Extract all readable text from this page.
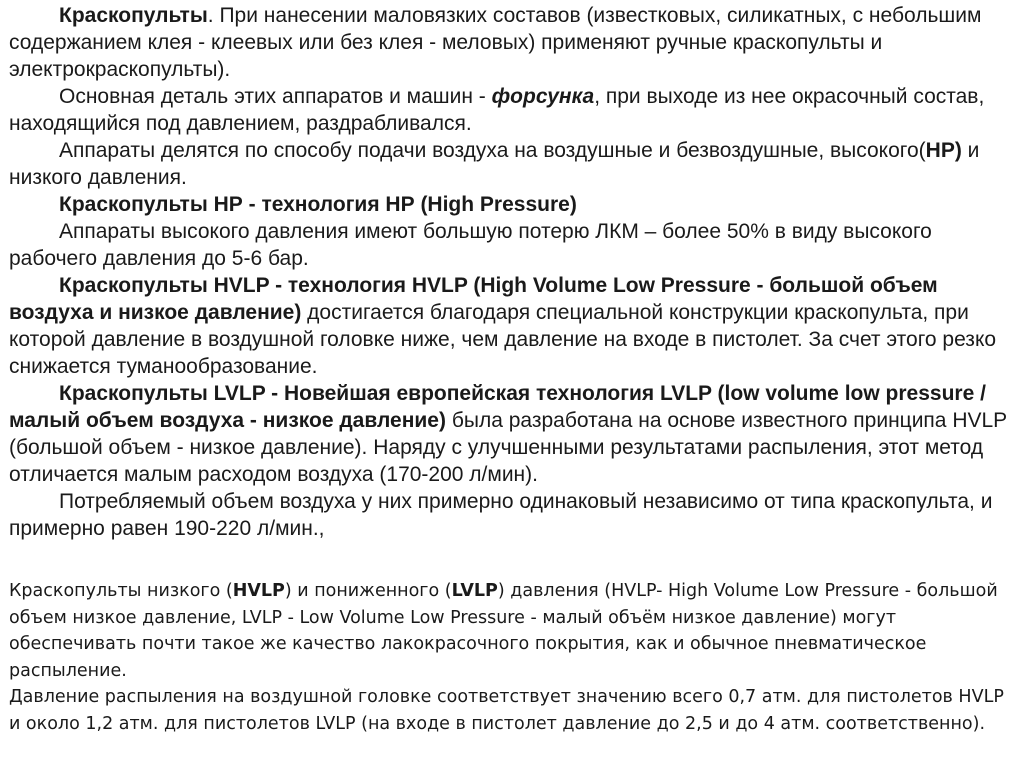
Краскопульты. При нанесении маловязких составов (известковых, силикатных, с небольшим содержанием клея - клеевых или без клея - меловых) применяют ручные краскопульты и электрокраскопульты).

Основная деталь этих аппаратов и машин - форсунка, при выходе из нее окрасочный состав, находящийся под давлением, раздрабливался.

Аппараты делятся по способу подачи воздуха на воздушные и безвоздушные, высокого(НР) и низкого давления.

Краскопульты НР - технология НР (High Pressure)

Аппараты высокого давления имеют большую потерю ЛКМ – более 50% в виду высокого рабочего давления до 5-6 бар.

Краскопульты HVLP - технология HVLP (High Volume Low Pressure - большой объем воздуха и низкое давление) достигается благодаря специальной конструкции краскопульта, при которой давление в воздушной головке ниже, чем давление на входе в пистолет. За счет этого резко снижается туманообразование.

Краскопульты LVLP - Новейшая европейская технология LVLP (low volume low pressure / малый объем воздуха - низкое давление) была разработана на основе известного принципа HVLP (большой объем - низкое давление). Наряду с улучшенными результатами распыления, этот метод отличается малым расходом воздуха (170-200 л/мин).

Потребляемый объем воздуха у них примерно одинаковый независимо от типа краскопульта, и примерно равен 190-220 л/мин.,

Краскопульты низкого (HVLP) и пониженного (LVLP) давления (HVLP- High Volume Low Pressure - большой объем низкое давление, LVLP - Low Volume Low Pressure - малый объём низкое давление) могут обеспечивать почти такое же качество лакокрасочного покрытия, как и обычное пневматическое распыление.

Давление распыления на воздушной головке соответствует значению всего 0,7 атм. для пистолетов HVLP и около 1,2 атм. для пистолетов LVLP (на входе в пистолет давление до 2,5 и до 4 атм. соответственно).
